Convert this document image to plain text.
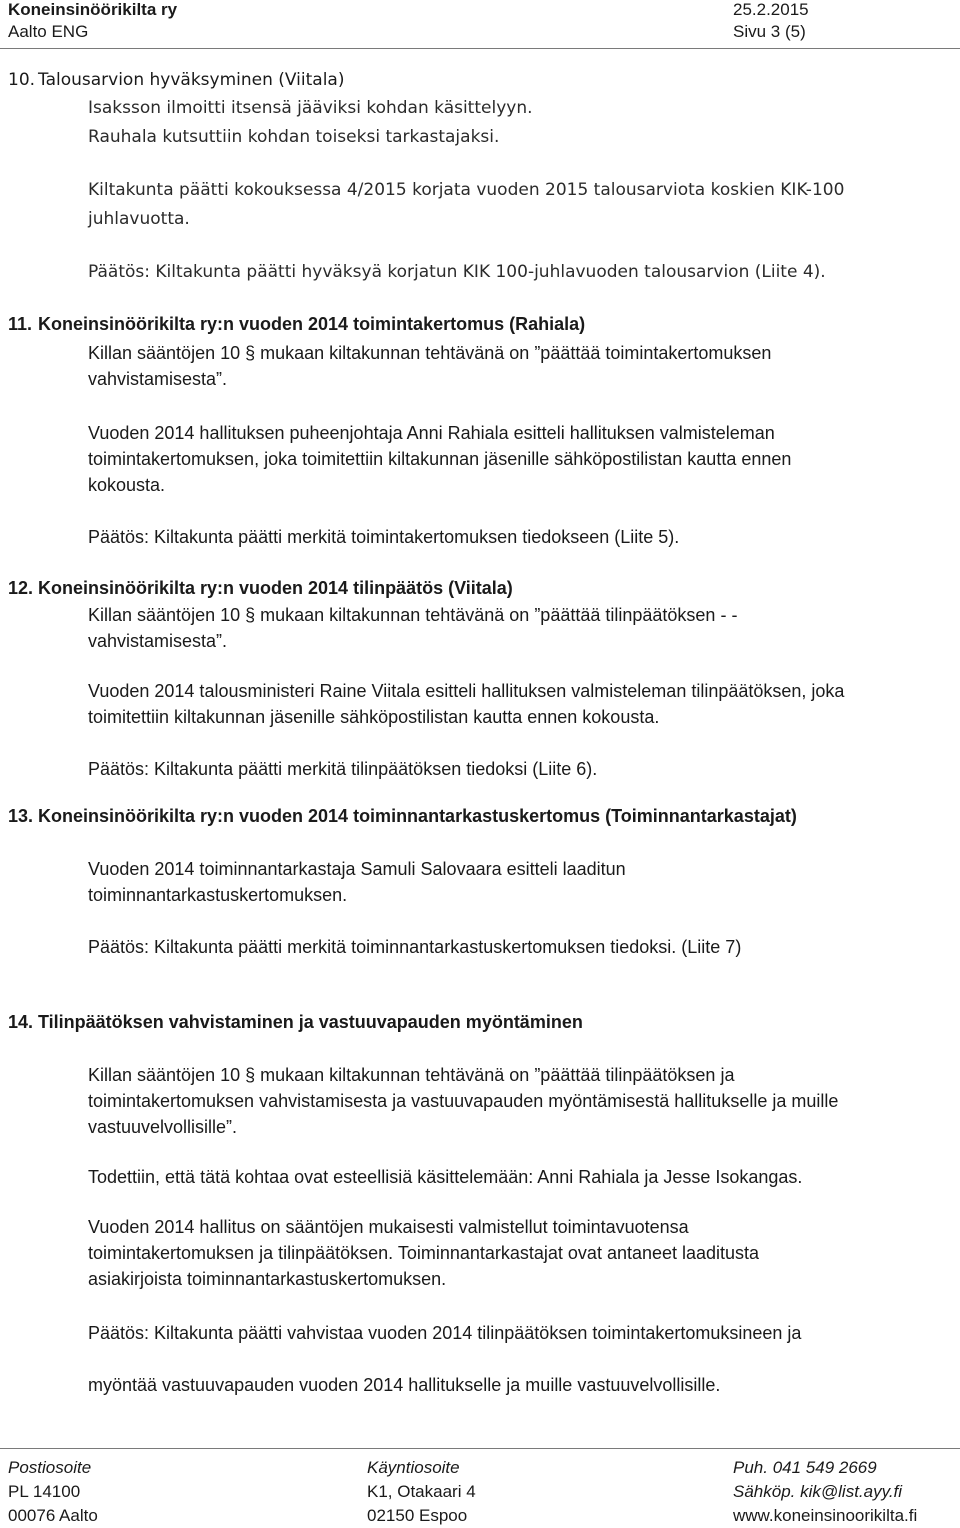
Koneinsinöörikilta ry	25.2.2015
Aalto ENG	Sivu 3 (5)
10. Talousarvion hyväksyminen (Viitala)
Isaksson ilmoitti itsensä jääviksi kohdan käsittelyyn.
Rauhala kutsuttiin kohdan toiseksi tarkastajaksi.
Kiltakunta päätti kokouksessa 4/2015 korjata vuoden 2015 talousarviota koskien KIK-100
juhlavuotta.
Päätös: Kiltakunta päätti hyväksyä korjatun KIK 100-juhlavuoden talousarvion (Liite 4).
11. Koneinsinöörikilta ry:n vuoden 2014 toimintakertomus (Rahiala)
Killan sääntöjen 10 § mukaan kiltakunnan tehtävänä on ”päättää toimintakertomuksen
vahvistamisesta”.
Vuoden 2014 hallituksen puheenjohtaja Anni Rahiala esitteli hallituksen valmisteleman
toimintakertomuksen, joka toimitettiin kiltakunnan jäsenille sähköpostilistan kautta ennen
kokousta.
Päätös: Kiltakunta päätti merkitä toimintakertomuksen tiedokseen (Liite 5).
12. Koneinsinöörikilta ry:n vuoden 2014 tilinpäätös (Viitala)
Killan sääntöjen 10 § mukaan kiltakunnan tehtävänä on ”päättää tilinpäätöksen - -
vahvistamisesta”.
Vuoden 2014 talousministeri Raine Viitala esitteli hallituksen valmisteleman tilinpäätöksen, joka
toimitettiin kiltakunnan jäsenille sähköpostilistan kautta ennen kokousta.
Päätös: Kiltakunta päätti merkitä tilinpäätöksen tiedoksi (Liite 6).
13. Koneinsinöörikilta ry:n vuoden 2014 toiminnantarkastuskertomus (Toiminnantarkastajat)
Vuoden 2014 toiminnantarkastaja Samuli Salovaara esitteli laaditun
toiminnantarkastuskertomuksen.
Päätös: Kiltakunta päätti merkitä toiminnantarkastuskertomuksen tiedoksi. (Liite 7)
14. Tilinpäätöksen vahvistaminen ja vastuuvapauden myöntäminen
Killan sääntöjen 10 § mukaan kiltakunnan tehtävänä on ”päättää tilinpäätöksen ja
toimintakertomuksen vahvistamisesta ja vastuuvapauden myöntämisestä hallitukselle ja muille
vastuuvelvollisille”.
Todettiin, että tätä kohtaa ovat esteellisiä käsittelemään: Anni Rahiala ja Jesse Isokangas.
Vuoden 2014 hallitus on sääntöjen mukaisesti valmistellut toimintavuotensa
toimintakertomuksen ja tilinpäätöksen. Toiminnantarkastajat ovat antaneet laaditusta
asiakirjoista toiminnantarkastuskertomuksen.
Päätös: Kiltakunta päätti vahvistaa vuoden 2014 tilinpäätöksen toimintakertomuksineen ja
myöntää vastuuvapauden vuoden 2014 hallitukselle ja muille vastuuvelvollisille.
Postiosoite
PL 14100
00076 Aalto
Käyntiosoite
K1, Otakaari 4
02150 Espoo
Puh. 041 549 2669
Sähköp. kik@list.ayy.fi
www.koneinsinoorikilta.fi
